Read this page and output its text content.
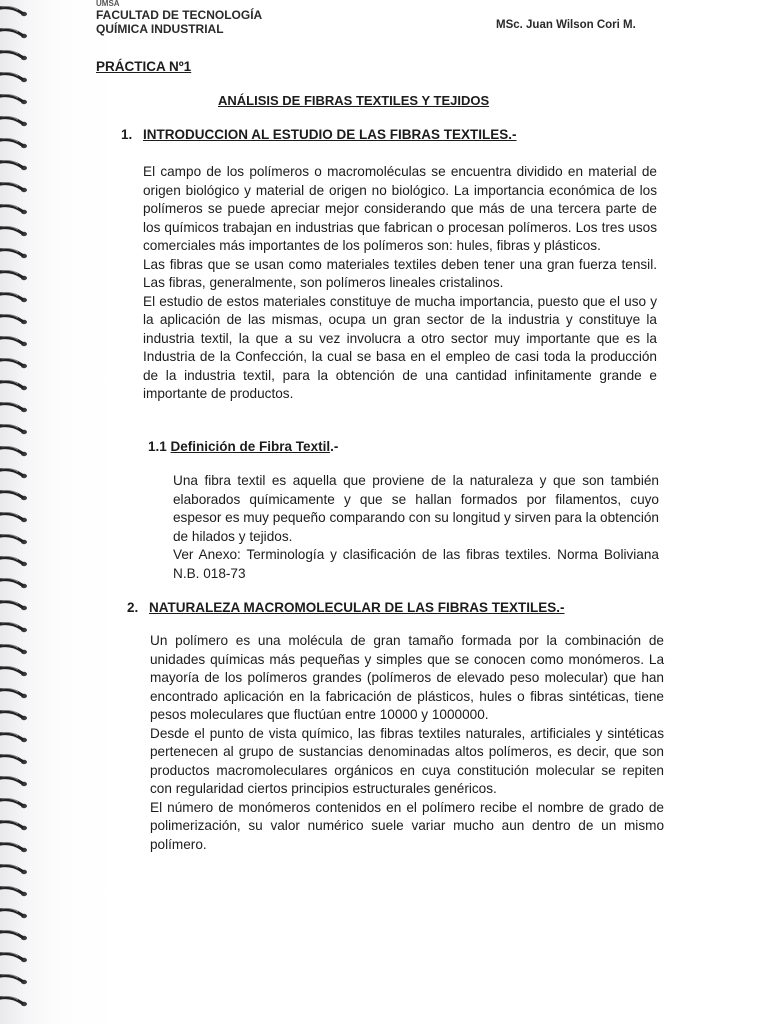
UMSA
FACULTAD DE TECNOLOGÍA
QUÍMICA INDUSTRIAL	MSc. Juan Wilson Cori M.
PRÁCTICA Nº1
ANÁLISIS DE FIBRAS TEXTILES Y TEJIDOS
1. INTRODUCCION AL ESTUDIO DE LAS FIBRAS TEXTILES.-

El campo de los polímeros o macromoléculas se encuentra dividido en material de origen biológico y material de origen no biológico. La importancia económica de los polímeros se puede apreciar mejor considerando que más de una tercera parte de los químicos trabajan en industrias que fabrican o procesan polímeros. Los tres usos comerciales más importantes de los polímeros son: hules, fibras y plásticos.

Las fibras que se usan como materiales textiles deben tener una gran fuerza tensil. Las fibras, generalmente, son polímeros lineales cristalinos.

El estudio de estos materiales constituye de mucha importancia, puesto que el uso y la aplicación de las mismas, ocupa un gran sector de la industria y constituye la industria textil, la que a su vez involucra a otro sector muy importante que es la Industria de la Confección, la cual se basa en el empleo de casi toda la producción de la industria textil, para la obtención de una cantidad infinitamente grande e importante de productos.

1.1 Definición de Fibra Textil.-

Una fibra textil es aquella que proviene de la naturaleza y que son también elaborados químicamente y que se hallan formados por filamentos, cuyo espesor es muy pequeño comparando con su longitud y sirven para la obtención de hilados y tejidos.

Ver Anexo: Terminología y clasificación de las fibras textiles. Norma Boliviana N.B. 018-73

2. NATURALEZA MACROMOLECULAR DE LAS FIBRAS TEXTILES.-

Un polímero es una molécula de gran tamaño formada por la combinación de unidades químicas más pequeñas y simples que se conocen como monómeros. La mayoría de los polímeros grandes (polímeros de elevado peso molecular) que han encontrado aplicación en la fabricación de plásticos, hules o fibras sintéticas, tiene pesos moleculares que fluctúan entre 10000 y 1000000.

Desde el punto de vista químico, las fibras textiles naturales, artificiales y sintéticas pertenecen al grupo de sustancias denominadas altos polímeros, es decir, que son productos macromoleculares orgánicos en cuya constitución molecular se repiten con regularidad ciertos principios estructurales genéricos.

El número de monómeros contenidos en el polímero recibe el nombre de grado de polimerización, su valor numérico suele variar mucho aun dentro de un mismo polímero.
